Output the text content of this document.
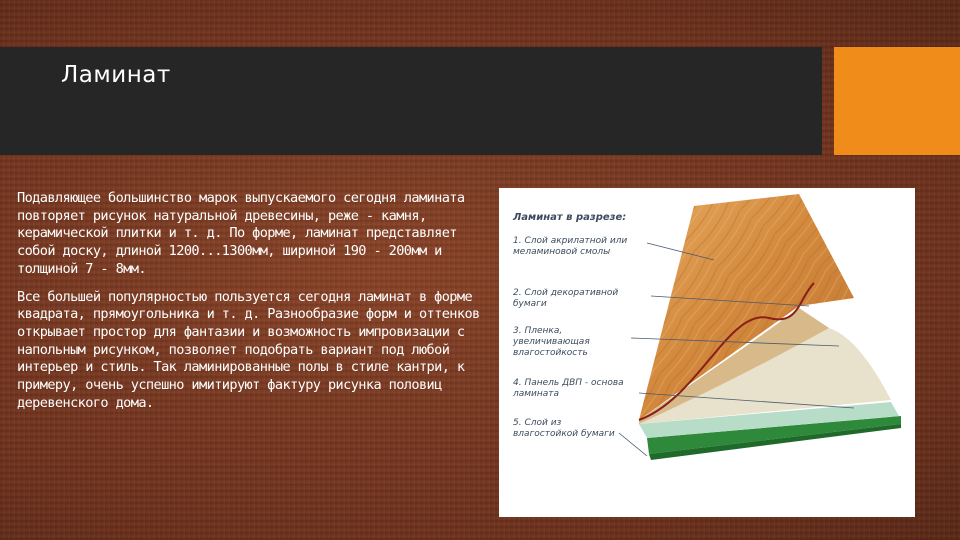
Ламинат

Подавляющее большинство марок выпускаемого сегодня ламината повторяет рисунок натуральной древесины, реже - камня, керамической плитки и т. д. По форме, ламинат представляет собой доску, длиной 1200...1300мм, шириной 190 - 200мм и толщиной 7 - 8мм.

Все большей популярностью пользуется сегодня ламинат в форме квадрата, прямоугольника и т. д. Разнообразие форм и оттенков открывает простор для фантазии и возможность импровизации с напольным рисунком, позволяет подобрать вариант под любой интерьер и стиль. Так ламинированные полы в стиле кантри, к примеру, очень успешно имитируют фактуру рисунка половиц деревенского дома.

Ламинат в разрезе:
1. Слой акрилатной или меламиновой смолы
2. Слой декоративной бумаги
3. Пленка, увеличивающая влагостойкость
4. Панель ДВП - основа ламината
5. Слой из влагостойкой бумаги
